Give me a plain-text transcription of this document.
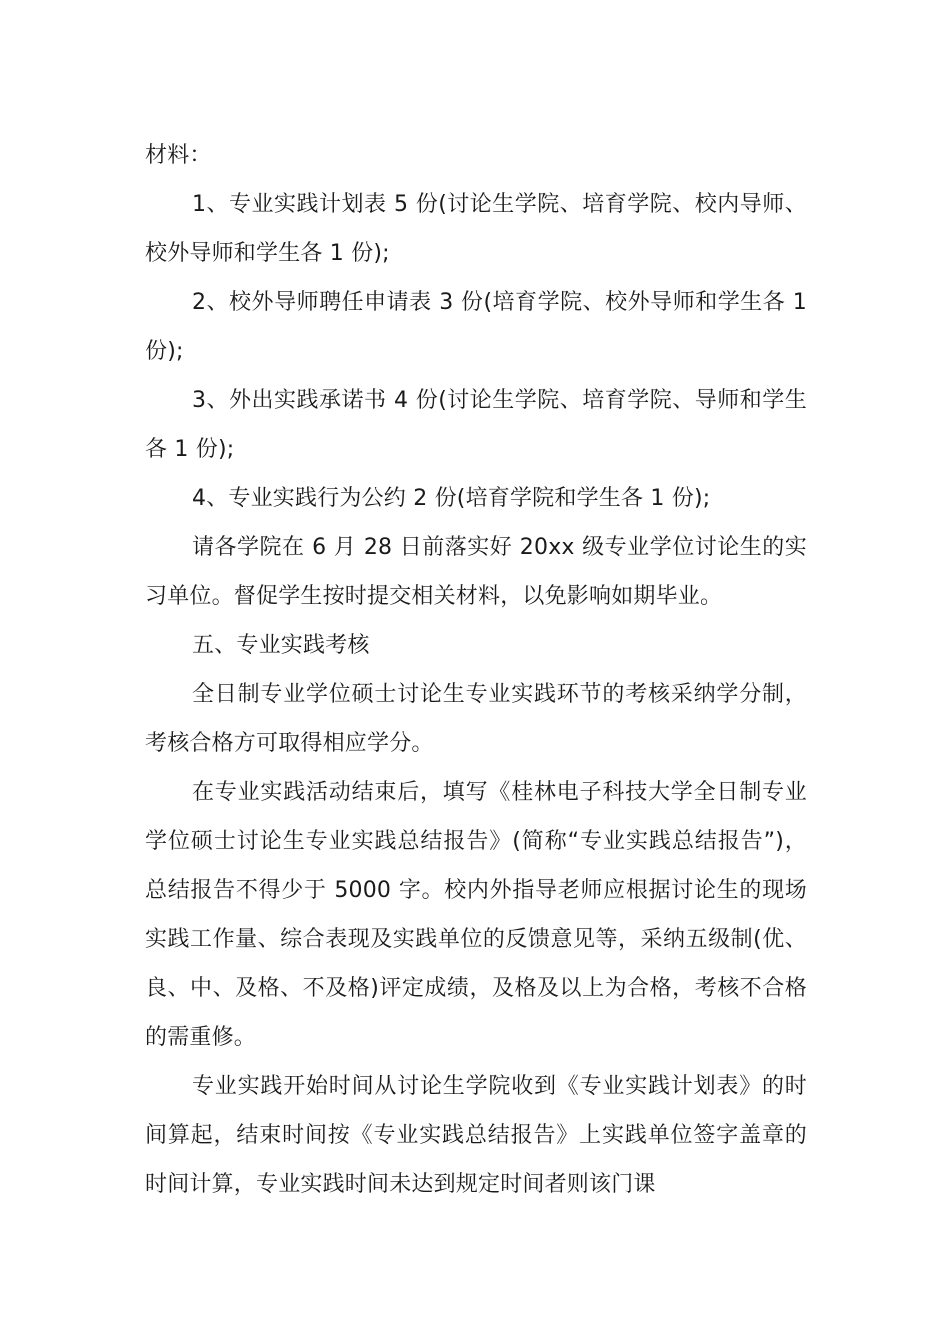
材料：

1、专业实践计划表 5 份(讨论生学院、培育学院、校内导师、校外导师和学生各 1 份);

2、校外导师聘任申请表 3 份(培育学院、校外导师和学生各 1 份);

3、外出实践承诺书 4 份(讨论生学院、培育学院、导师和学生各 1 份);

4、专业实践行为公约 2 份(培育学院和学生各 1 份);

请各学院在 6 月 28 日前落实好 20xx 级专业学位讨论生的实习单位。督促学生按时提交相关材料，以免影响如期毕业。

五、专业实践考核

全日制专业学位硕士讨论生专业实践环节的考核采纳学分制，考核合格方可取得相应学分。

在专业实践活动结束后，填写《桂林电子科技大学全日制专业学位硕士讨论生专业实践总结报告》(简称“专业实践总结报告”)，总结报告不得少于 5000 字。校内外指导老师应根据讨论生的现场实践工作量、综合表现及实践单位的反馈意见等，采纳五级制(优、良、中、及格、不及格)评定成绩，及格及以上为合格，考核不合格的需重修。

专业实践开始时间从讨论生学院收到《专业实践计划表》的时间算起，结束时间按《专业实践总结报告》上实践单位签字盖章的时间计算，专业实践时间未达到规定时间者则该门课
